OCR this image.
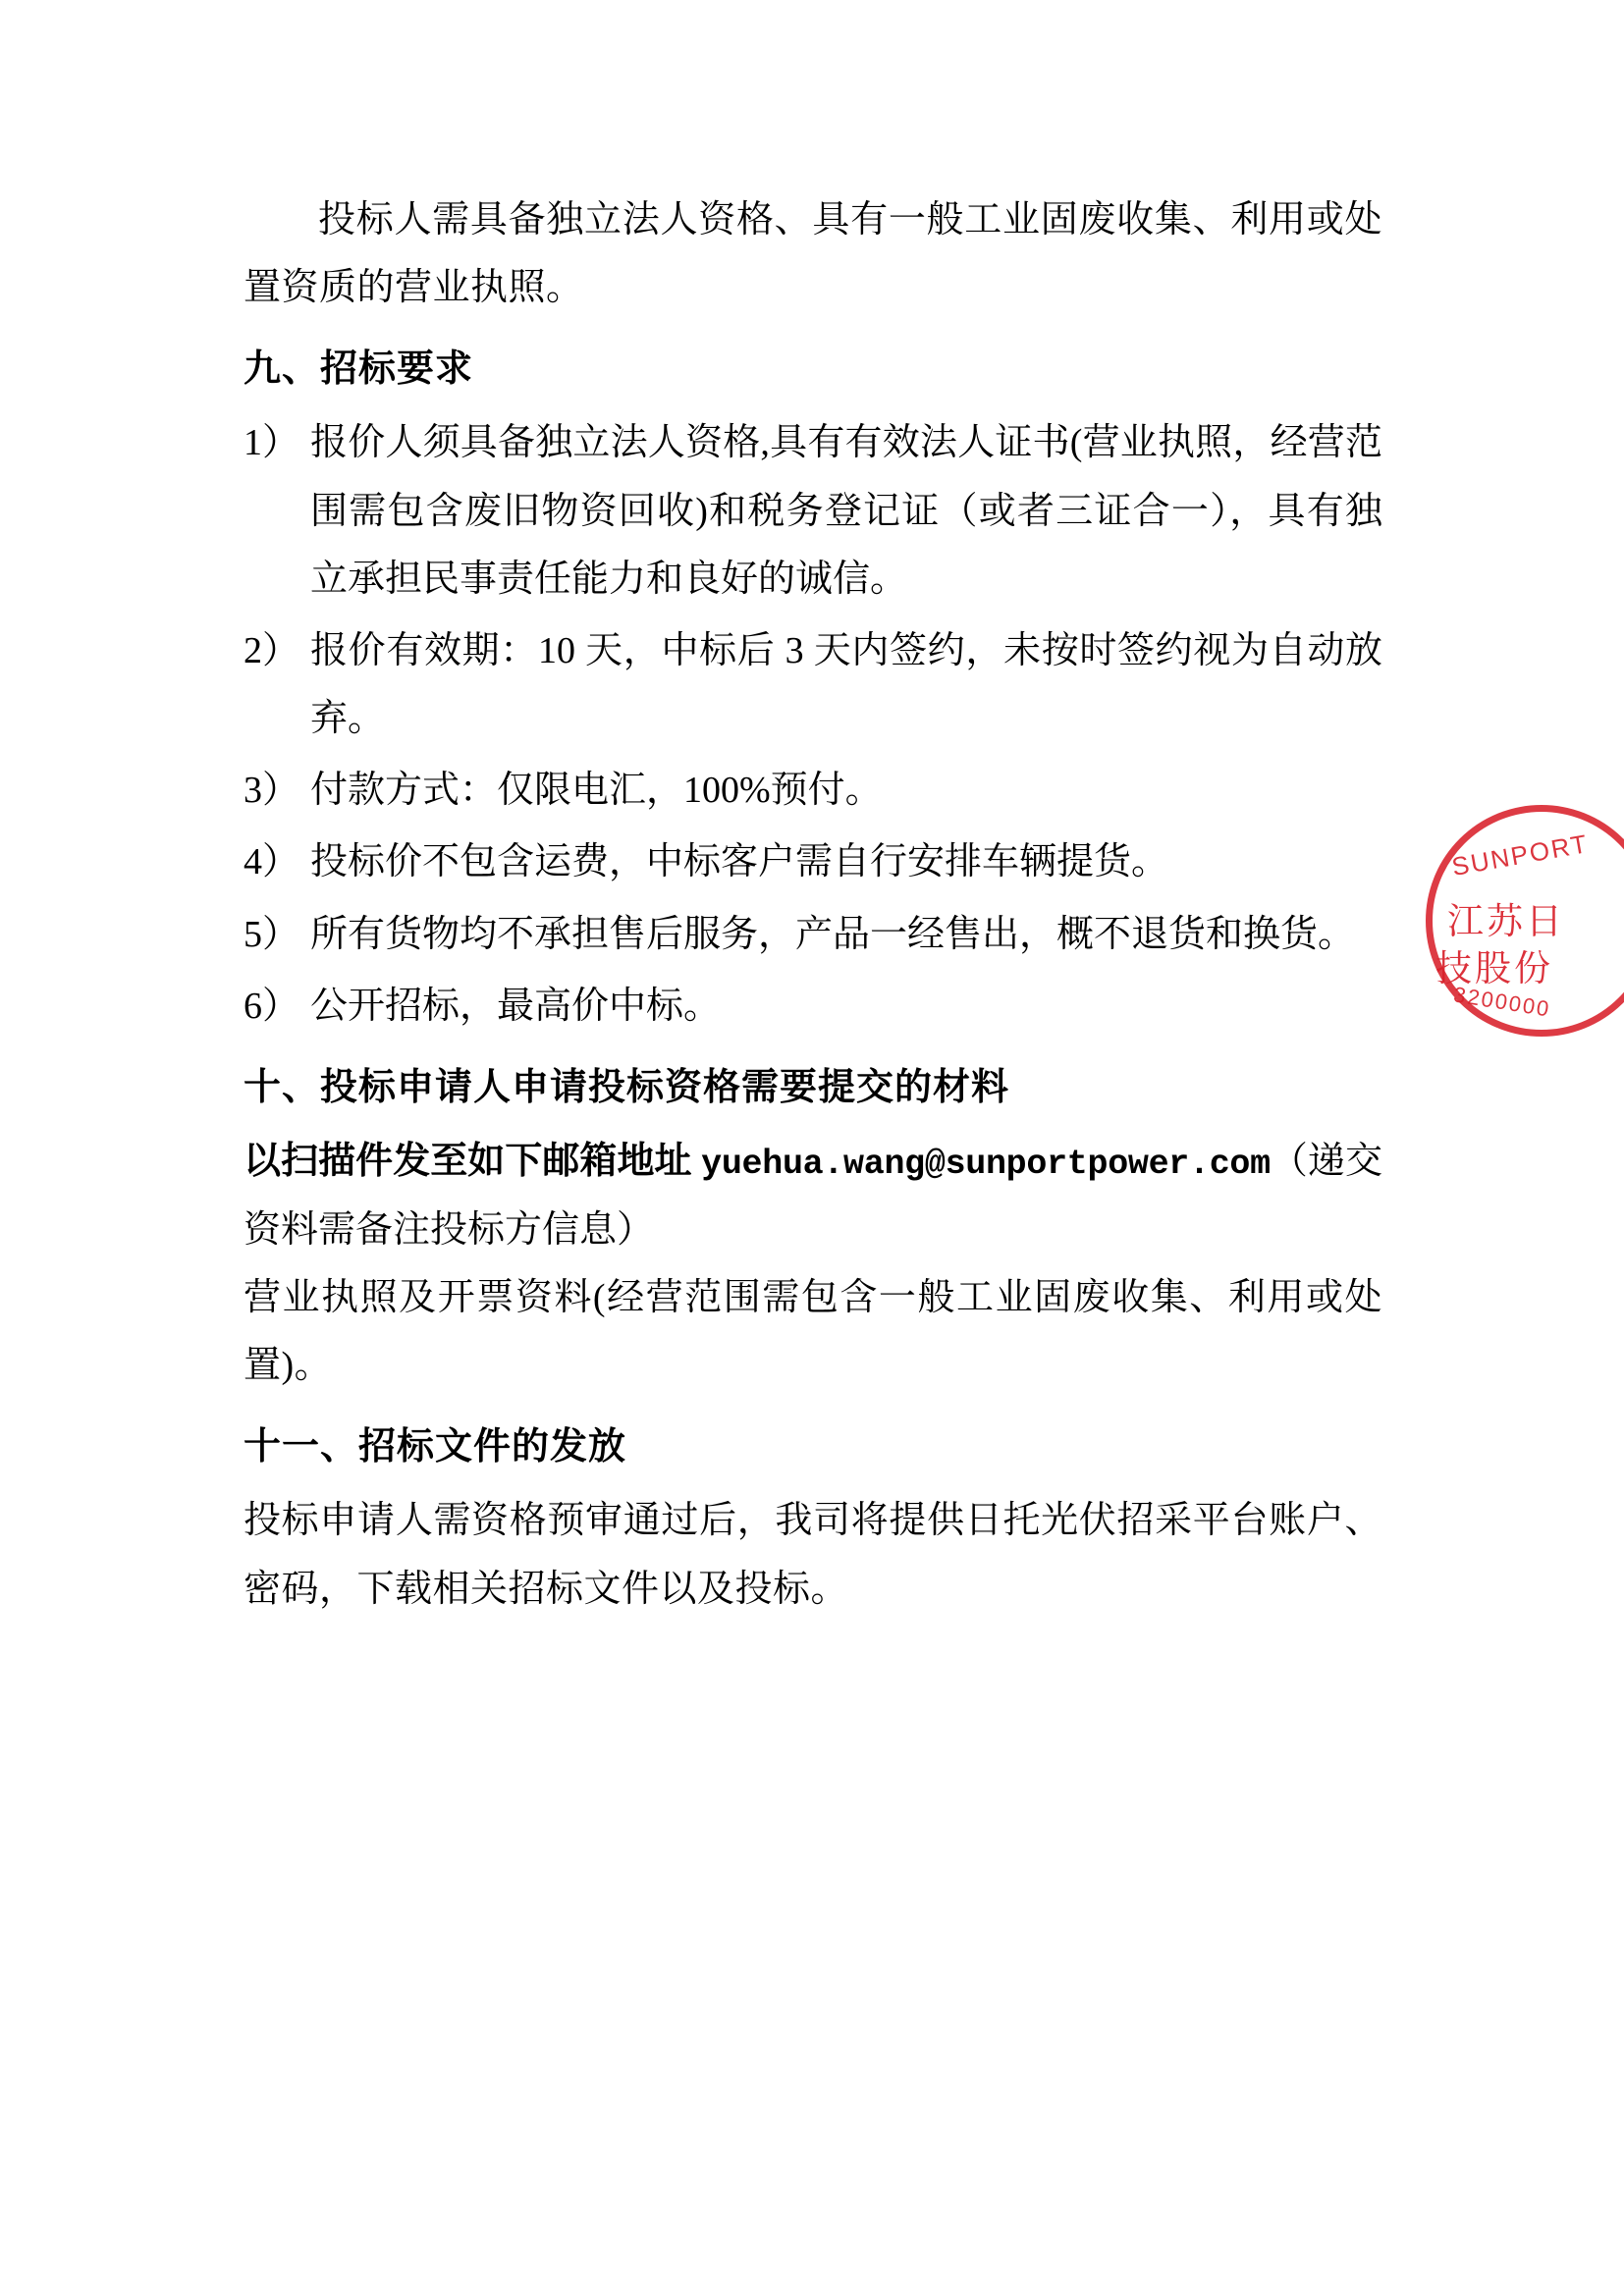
投标人需具备独立法人资格、具有一般工业固废收集、利用或处置资质的营业执照。

九、招标要求
1） 报价人须具备独立法人资格,具有有效法人证书(营业执照，经营范围需包含废旧物资回收)和税务登记证（或者三证合一），具有独立承担民事责任能力和良好的诚信。
2） 报价有效期：10 天，中标后 3 天内签约，未按时签约视为自动放弃。
3） 付款方式：仅限电汇，100%预付。
4） 投标价不包含运费，中标客户需自行安排车辆提货。
5） 所有货物均不承担售后服务，产品一经售出，概不退货和换货。
6） 公开招标，最高价中标。
十、投标申请人申请投标资格需要提交的材料

以扫描件发至如下邮箱地址 yuehua.wang@sunportpower.com（递交资料需备注投标方信息）

营业执照及开票资料(经营范围需包含一般工业固废收集、利用或处置)。

十一、招标文件的发放

投标申请人需资格预审通过后，我司将提供日托光伏招采平台账户、密码，下载相关招标文件以及投标。

SUNPORT
江苏日
技股份
3200000
